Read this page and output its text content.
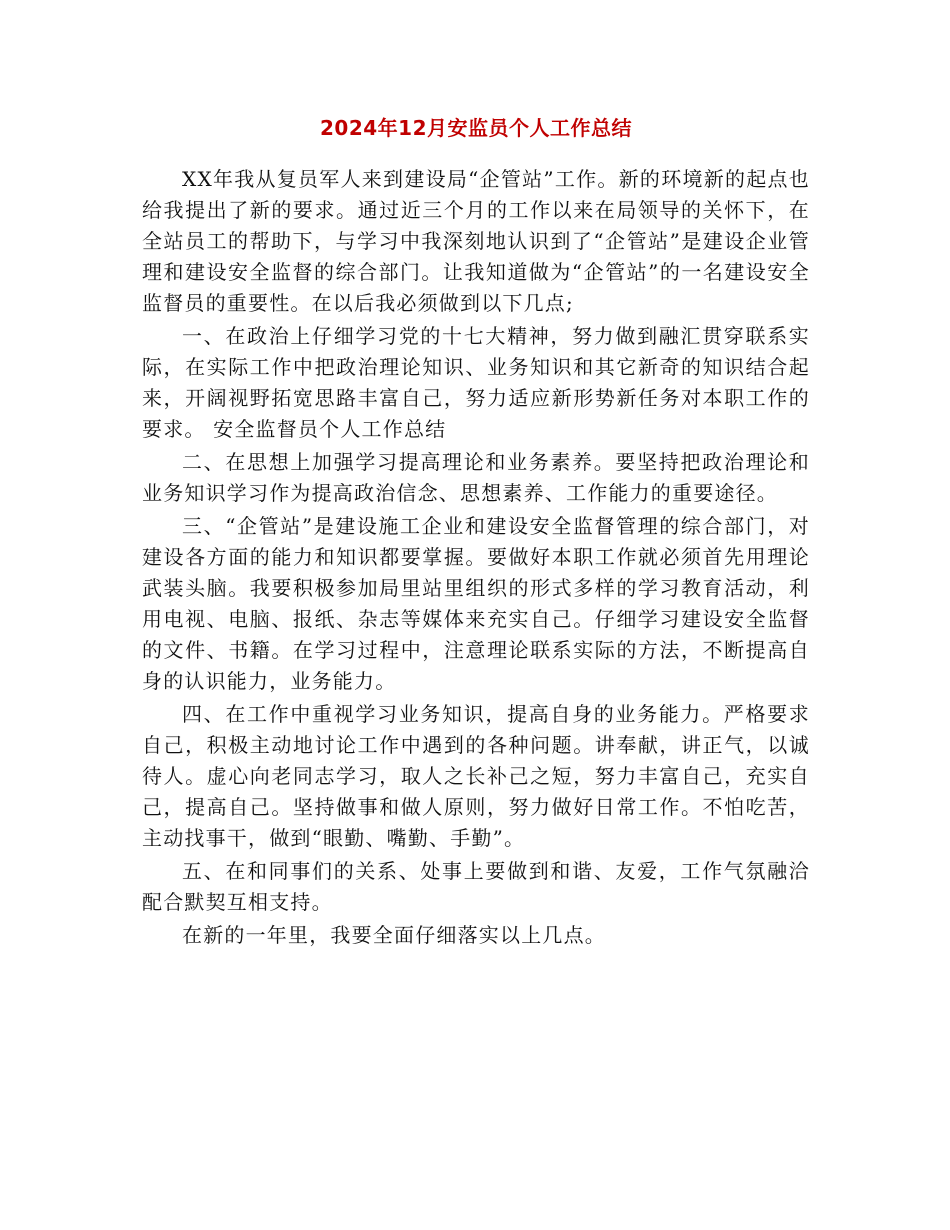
2024年12月安监员个人工作总结

XX年我从复员军人来到建设局“企管站”工作。新的环境新的起点也给我提出了新的要求。通过近三个月的工作以来在局领导的关怀下，在全站员工的帮助下，与学习中我深刻地认识到了“企管站”是建设企业管理和建设安全监督的综合部门。让我知道做为“企管站”的一名建设安全监督员的重要性。在以后我必须做到以下几点;

一、在政治上仔细学习党的十七大精神，努力做到融汇贯穿联系实际，在实际工作中把政治理论知识、业务知识和其它新奇的知识结合起来，开阔视野拓宽思路丰富自己，努力适应新形势新任务对本职工作的要求。 安全监督员个人工作总结

二、在思想上加强学习提高理论和业务素养。要坚持把政治理论和业务知识学习作为提高政治信念、思想素养、工作能力的重要途径。

三、“企管站”是建设施工企业和建设安全监督管理的综合部门，对建设各方面的能力和知识都要掌握。要做好本职工作就必须首先用理论武装头脑。我要积极参加局里站里组织的形式多样的学习教育活动，利用电视、电脑、报纸、杂志等媒体来充实自己。仔细学习建设安全监督的文件、书籍。在学习过程中，注意理论联系实际的方法，不断提高自身的认识能力，业务能力。

四、在工作中重视学习业务知识，提高自身的业务能力。严格要求自己，积极主动地讨论工作中遇到的各种问题。讲奉献，讲正气，以诚待人。虚心向老同志学习，取人之长补己之短，努力丰富自己，充实自己，提高自己。坚持做事和做人原则，努力做好日常工作。不怕吃苦，主动找事干，做到“眼勤、嘴勤、手勤”。

五、在和同事们的关系、处事上要做到和谐、友爱，工作气氛融洽配合默契互相支持。

在新的一年里，我要全面仔细落实以上几点。
